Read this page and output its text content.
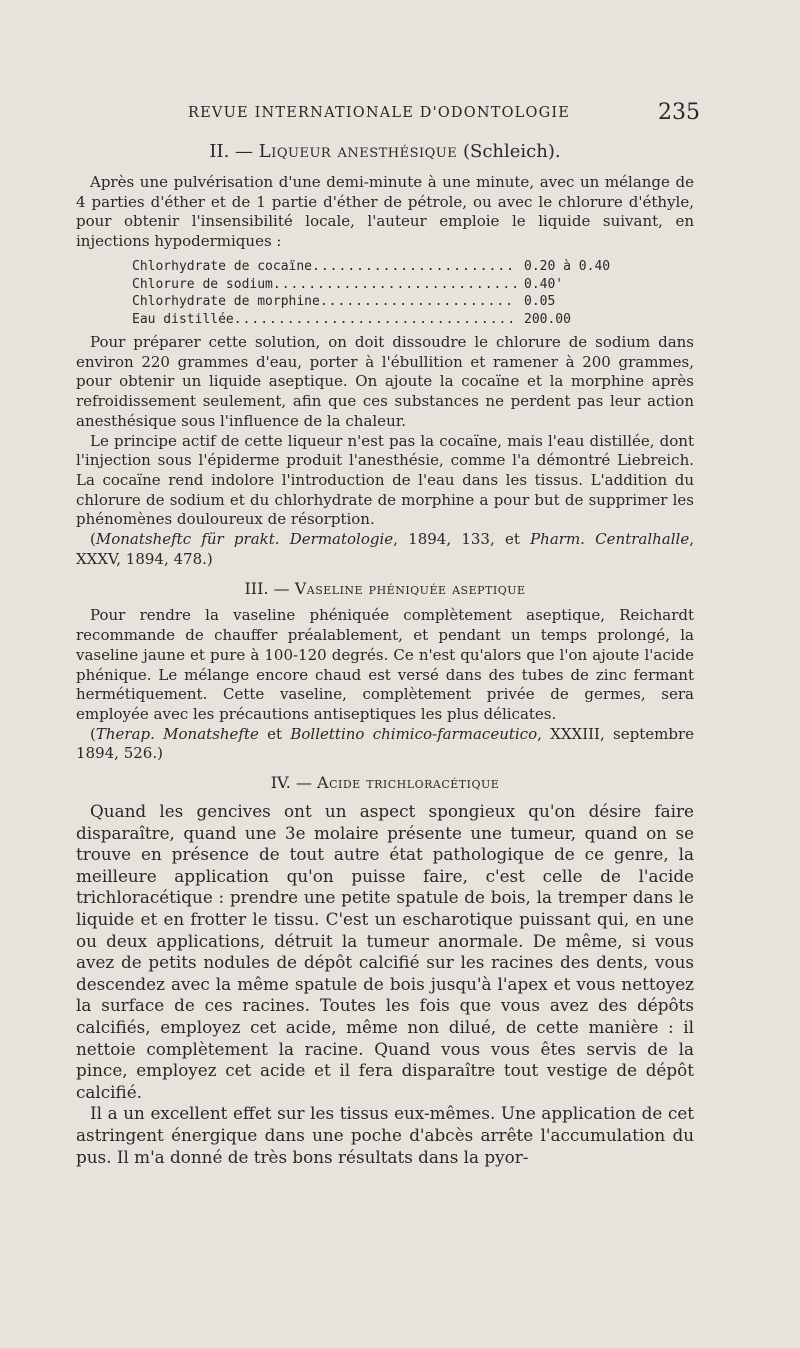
REVUE INTERNATIONALE D'ODONTOLOGIE	235
II. — Liqueur anesthésique (Schleich).

Après une pulvérisation d'une demi-minute à une minute, avec un mélange de 4 parties d'éther et de 1 partie d'éther de pétrole, ou avec le chlorure d'éthyle, pour obtenir l'insensibilité locale, l'auteur emploie le liquide suivant, en injections hypodermiques :

Chlorhydrate de cocaïne .....	0.20 à 0.40
Chlorure de sodium .....	0.40'
Chlorhydrate de morphine .....	0.05
Eau distillée .....	200.00

Pour préparer cette solution, on doit dissoudre le chlorure de sodium dans environ 220 grammes d'eau, porter à l'ébullition et ramener à 200 grammes, pour obtenir un liquide aseptique. On ajoute la cocaïne et la morphine après refroidissement seulement, afin que ces substances ne perdent pas leur action anesthésique sous l'influence de la chaleur.

Le principe actif de cette liqueur n'est pas la cocaïne, mais l'eau distillée, dont l'injection sous l'épiderme produit l'anesthésie, comme l'a démontré Liebreich. La cocaïne rend indolore l'introduction de l'eau dans les tissus. L'addition du chlorure de sodium et du chlorhydrate de morphine a pour but de supprimer les phénomènes douloureux de résorption.

(Monatsheftc für prakt. Dermatologie, 1894, 133, et Pharm. Centralhalle, XXXV, 1894, 478.)

III. — Vaseline phéniquée aseptique

Pour rendre la vaseline phéniquée complètement aseptique, Reichardt recommande de chauffer préalablement, et pendant un temps prolongé, la vaseline jaune et pure à 100-120 degrés. Ce n'est qu'alors que l'on ajoute l'acide phénique. Le mélange encore chaud est versé dans des tubes de zinc fermant hermétiquement. Cette vaseline, complètement privée de germes, sera employée avec les précautions antiseptiques les plus délicates.

(Therap. Monatshefte et Bollettino chimico-farmaceutico, XXXIII, septembre 1894, 526.)

IV. — Acide trichloracétique

Quand les gencives ont un aspect spongieux qu'on désire faire disparaître, quand une 3e molaire présente une tumeur, quand on se trouve en présence de tout autre état pathologique de ce genre, la meilleure application qu'on puisse faire, c'est celle de l'acide trichloracétique : prendre une petite spatule de bois, la tremper dans le liquide et en frotter le tissu. C'est un escharotique puissant qui, en une ou deux applications, détruit la tumeur anormale. De même, si vous avez de petits nodules de dépôt calcifié sur les racines des dents, vous descendez avec la même spatule de bois jusqu'à l'apex et vous nettoyez la surface de ces racines. Toutes les fois que vous avez des dépôts calcifiés, employez cet acide, même non dilué, de cette manière : il nettoie complètement la racine. Quand vous vous êtes servis de la pince, employez cet acide et il fera disparaître tout vestige de dépôt calcifié.

Il a un excellent effet sur les tissus eux-mêmes. Une application de cet astringent énergique dans une poche d'abcès arrête l'accumulation du pus. Il m'a donné de très bons résultats dans la pyor-
